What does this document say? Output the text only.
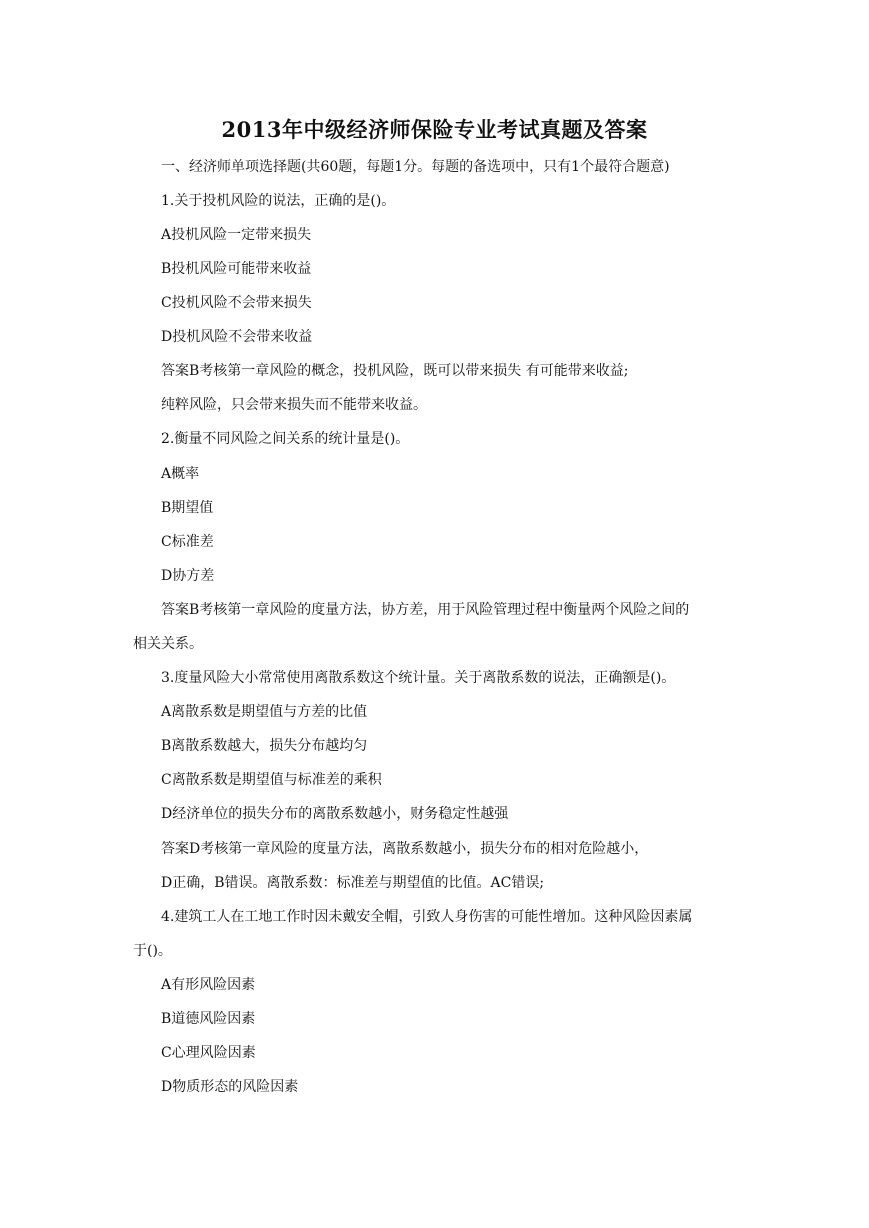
2013年中级经济师保险专业考试真题及答案
一、经济师单项选择题(共60题，每题1分。每题的备选项中，只有1个最符合题意)
1.关于投机风险的说法，正确的是()。
A投机风险一定带来损失
B投机风险可能带来收益
C投机风险不会带来损失
D投机风险不会带来收益
答案B考核第一章风险的概念，投机风险，既可以带来损失 有可能带来收益;
纯粹风险，只会带来损失而不能带来收益。
2.衡量不同风险之间关系的统计量是()。
A概率
B期望值
C标准差
D协方差
答案B考核第一章风险的度量方法，协方差，用于风险管理过程中衡量两个风险之间的
相关关系。
3.度量风险大小常常使用离散系数这个统计量。关于离散系数的说法，正确额是()。
A离散系数是期望值与方差的比值
B离散系数越大，损失分布越均匀
C离散系数是期望值与标准差的乘积
D经济单位的损失分布的离散系数越小，财务稳定性越强
答案D考核第一章风险的度量方法，离散系数越小，损失分布的相对危险越小，
D正确，B错误。离散系数：标准差与期望值的比值。AC错误;
4.建筑工人在工地工作时因未戴安全帽，引致人身伤害的可能性增加。这种风险因素属
于()。
A有形风险因素
B道德风险因素
C心理风险因素
D物质形态的风险因素
